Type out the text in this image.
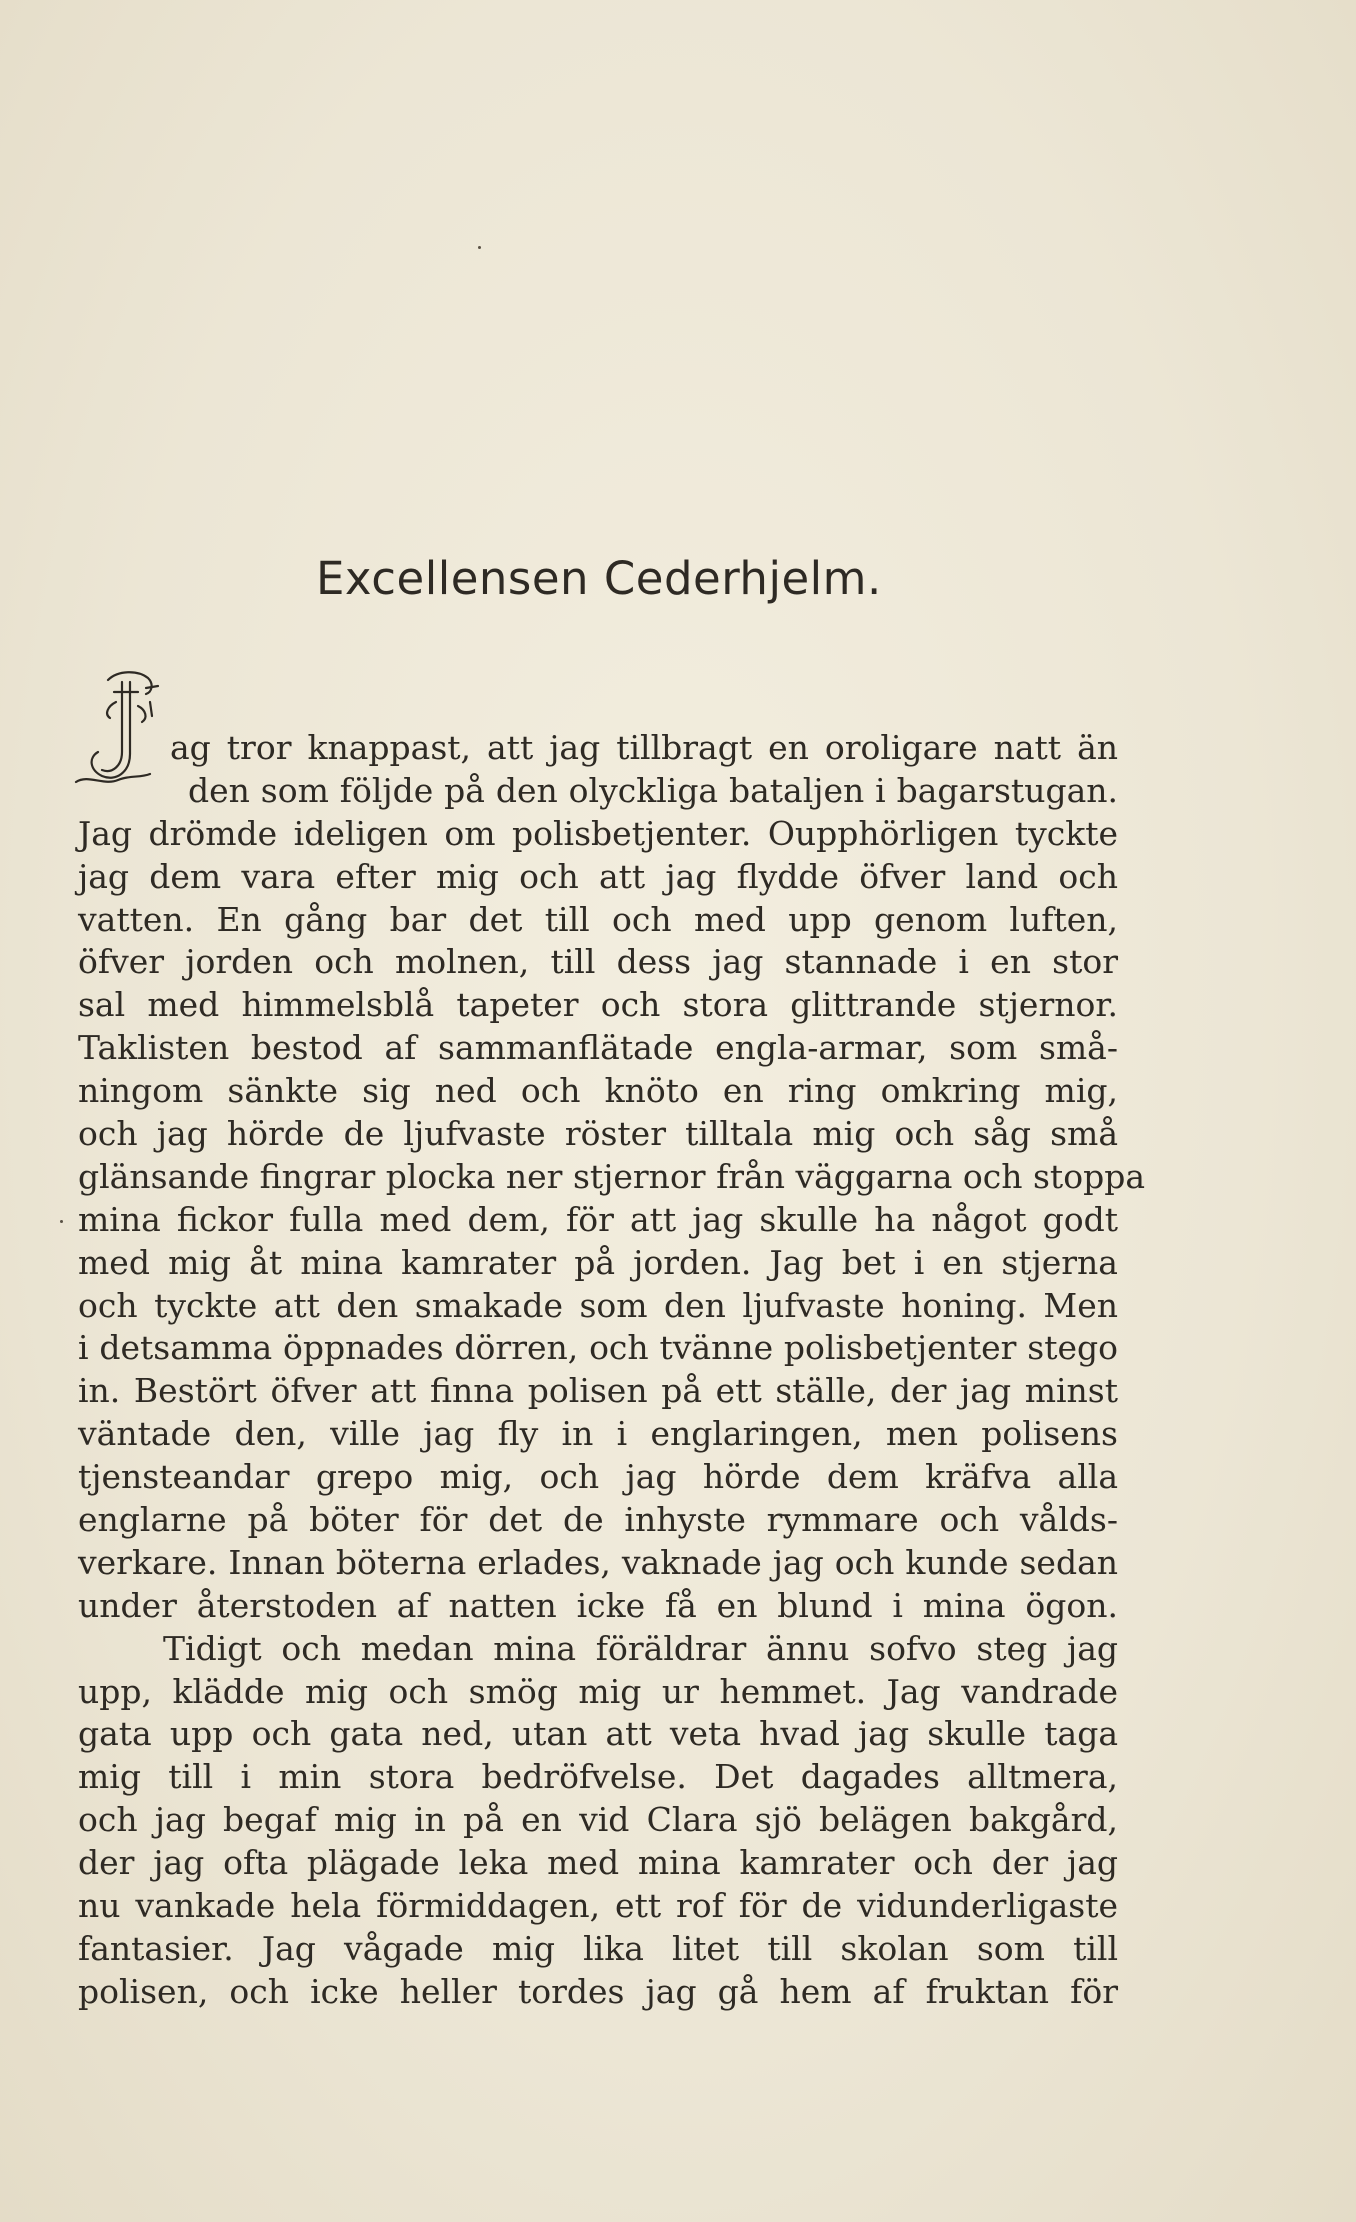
Excellensen Cederhjelm.
ag tror knappast, att jag tillbragt en oroligare natt än
den som följde på den olyckliga bataljen i bagarstugan.
Jag drömde ideligen om polisbetjenter. Oupphörligen tyckte
jag dem vara efter mig och att jag flydde öfver land och
vatten. En gång bar det till och med upp genom luften,
öfver jorden och molnen, till dess jag stannade i en stor
sal med himmelsblå tapeter och stora glittrande stjernor.
Taklisten bestod af sammanflätade engla-armar, som små-
ningom sänkte sig ned och knöto en ring omkring mig,
och jag hörde de ljufvaste röster tilltala mig och såg små
glänsande fingrar plocka ner stjernor från väggarna och stoppa
mina fickor fulla med dem, för att jag skulle ha något godt
med mig åt mina kamrater på jorden. Jag bet i en stjerna
och tyckte att den smakade som den ljufvaste honing. Men
i detsamma öppnades dörren, och tvänne polisbetjenter stego
in. Bestört öfver att finna polisen på ett ställe, der jag minst
väntade den, ville jag fly in i englaringen, men polisens
tjensteandar grepo mig, och jag hörde dem kräfva alla
englarne på böter för det de inhyste rymmare och vålds-
verkare. Innan böterna erlades, vaknade jag och kunde sedan
under återstoden af natten icke få en blund i mina ögon.
Tidigt och medan mina föräldrar ännu sofvo steg jag
upp, klädde mig och smög mig ur hemmet. Jag vandrade
gata upp och gata ned, utan att veta hvad jag skulle taga
mig till i min stora bedröfvelse. Det dagades alltmera,
och jag begaf mig in på en vid Clara sjö belägen bakgård,
der jag ofta plägade leka med mina kamrater och der jag
nu vankade hela förmiddagen, ett rof för de vidunderligaste
fantasier. Jag vågade mig lika litet till skolan som till
polisen, och icke heller tordes jag gå hem af fruktan för
